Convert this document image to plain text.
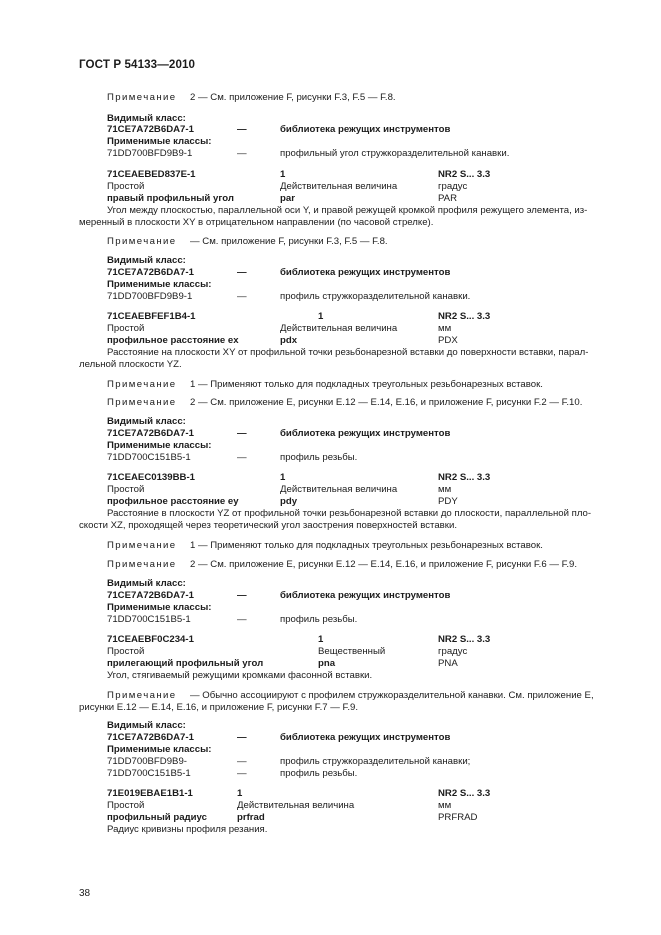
ГОСТ Р 54133—2010
Примечание 2 — См. приложение F, рисунки F.3, F.5 — F.8.
Видимый класс:
71CE7A72B6DA7-1	—	библиотека режущих инструментов
Применимые классы:
71DD700BFD9B9-1	—	профильный угол стружкоразделительной канавки.
71CEAEBED837E-1	1	NR2 S... 3.3
Простой	Действительная величина	градус
правый профильный угол	par	PAR
Угол между плоскостью, параллельной оси Y, и правой режущей кромкой профиля режущего элемента, из-
меренный в плоскости XY в отрицательном направлении (по часовой стрелке).
Примечание — См. приложение F, рисунки F.3, F.5 — F.8.
Видимый класс:
71CE7A72B6DA7-1	—	библиотека режущих инструментов
Применимые классы:
71DD700BFD9B9-1	—	профиль стружкоразделительной канавки.
71CEAEBFEF1B4-1	1	NR2 S... 3.3
Простой	Действительная величина	мм
профильное расстояние ex	pdx	PDX
Расстояние на плоскости XY от профильной точки резьбонарезной вставки до поверхности вставки, парал-
лельной плоскости YZ.
Примечание 1 — Применяют только для подкладных треугольных резьбонарезных вставок.
Примечание 2 — См. приложение E, рисунки E.12 — E.14, E.16, и приложение F, рисунки F.2 — F.10.
Видимый класс:
71CE7A72B6DA7-1	—	библиотека режущих инструментов
Применимые классы:
71DD700C151B5-1	—	профиль резьбы.
71CEAEC0139BB-1	1	NR2 S... 3.3
Простой	Действительная величина	мм
профильное расстояние ey	pdy	PDY
Расстояние в плоскости YZ от профильной точки резьбонарезной вставки до плоскости, параллельной пло-
скости XZ, проходящей через теоретический угол заострения поверхностей вставки.
Примечание 1 — Применяют только для подкладных треугольных резьбонарезных вставок.
Примечание 2 — См. приложение E, рисунки E.12 — E.14, E.16, и приложение F, рисунки F.6 — F.9.
Видимый класс:
71CE7A72B6DA7-1	—	библиотека режущих инструментов
Применимые классы:
71DD700C151B5-1	—	профиль резьбы.
71CEAEBF0C234-1	1	NR2 S... 3.3
Простой	Вещественный	градус
прилегающий профильный угол	pna	PNA
Угол, стягиваемый режущими кромками фасонной вставки.
Примечание — Обычно ассоциируют с профилем стружкоразделительной канавки. См. приложение E,
рисунки E.12 — E.14, E.16, и приложение F, рисунки F.7 — F.9.
Видимый класс:
71CE7A72B6DA7-1	—	библиотека режущих инструментов
Применимые классы:
71DD700BFD9B9-	—	профиль стружкоразделительной канавки;
71DD700C151B5-1	—	профиль резьбы.
71E019EBAE1B1-1	1	NR2 S... 3.3
Простой	Действительная величина	мм
профильный радиус	prfrad	PRFRAD
Радиус кривизны профиля резания.
38
